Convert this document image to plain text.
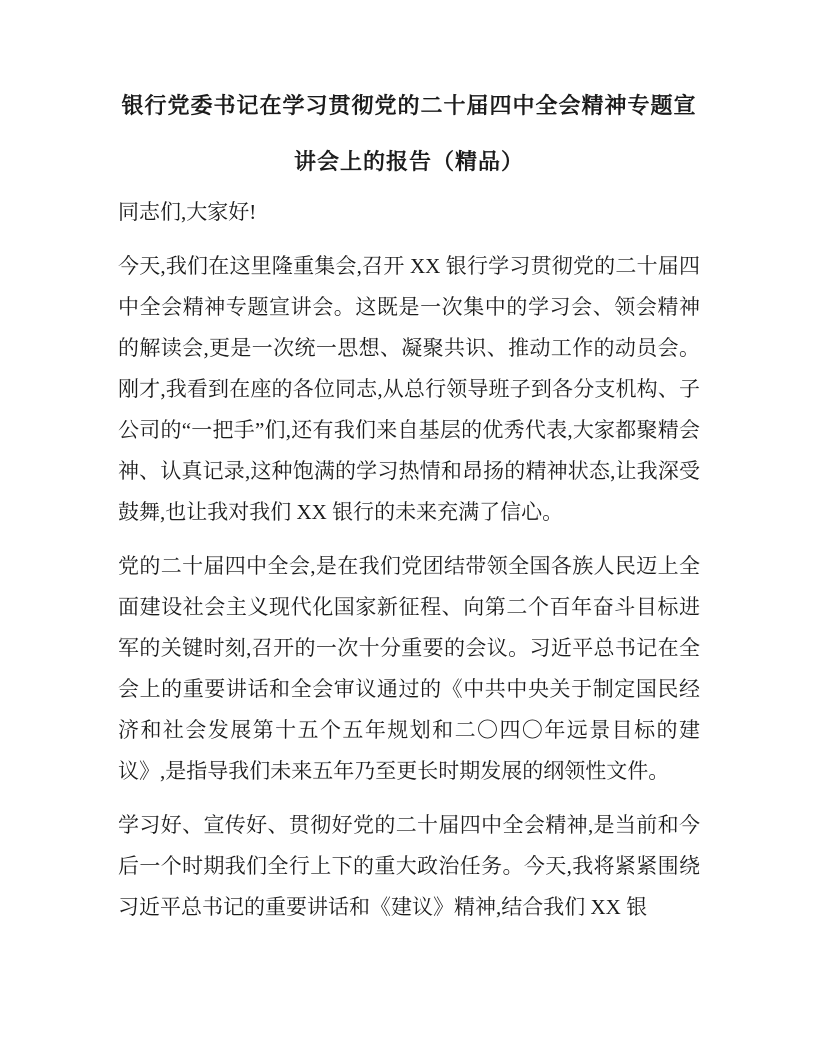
银行党委书记在学习贯彻党的二十届四中全会精神专题宣讲会上的报告（精品）

同志们,大家好!

今天,我们在这里隆重集会,召开 XX 银行学习贯彻党的二十届四中全会精神专题宣讲会。这既是一次集中的学习会、领会精神的解读会,更是一次统一思想、凝聚共识、推动工作的动员会。刚才,我看到在座的各位同志,从总行领导班子到各分支机构、子公司的“一把手”们,还有我们来自基层的优秀代表,大家都聚精会神、认真记录,这种饱满的学习热情和昂扬的精神状态,让我深受鼓舞,也让我对我们 XX 银行的未来充满了信心。

党的二十届四中全会,是在我们党团结带领全国各族人民迈上全面建设社会主义现代化国家新征程、向第二个百年奋斗目标进军的关键时刻,召开的一次十分重要的会议。习近平总书记在全会上的重要讲话和全会审议通过的《中共中央关于制定国民经济和社会发展第十五个五年规划和二〇四〇年远景目标的建议》,是指导我们未来五年乃至更长时期发展的纲领性文件。

学习好、宣传好、贯彻好党的二十届四中全会精神,是当前和今后一个时期我们全行上下的重大政治任务。今天,我将紧紧围绕习近平总书记的重要讲话和《建议》精神,结合我们 XX 银
